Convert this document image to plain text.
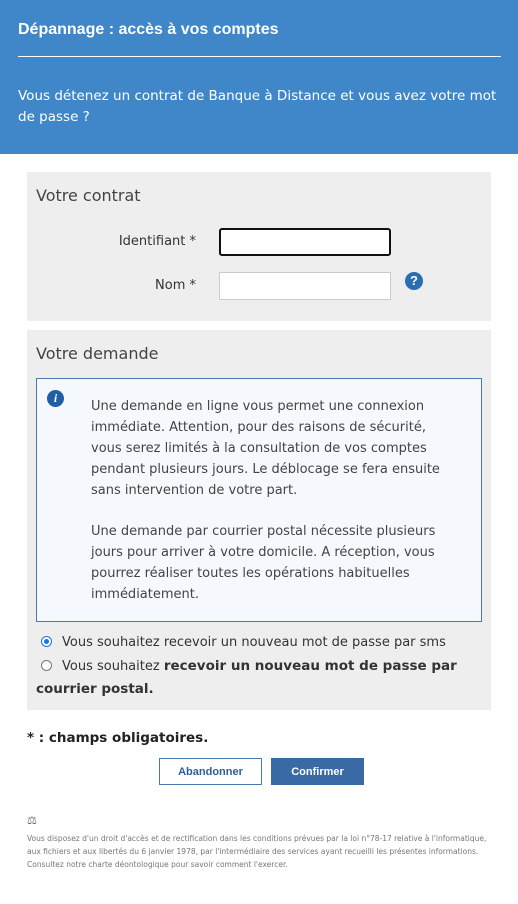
Dépannage : accès à vos comptes

Vous détenez un contrat de Banque à Distance et vous avez votre mot de passe ?

Votre contrat
Identifiant *
Nom *	?
Votre demande
i

Une demande en ligne vous permet une connexion immédiate. Attention, pour des raisons de sécurité, vous serez limités à la consultation de vos comptes pendant plusieurs jours. Le déblocage se fera ensuite sans intervention de votre part.

Une demande par courrier postal nécessite plusieurs jours pour arriver à votre domicile. A réception, vous pourrez réaliser toutes les opérations habituelles immédiatement.

Vous souhaitez recevoir un nouveau mot de passe par sms
Vous souhaitez recevoir un nouveau mot de passe par courrier postal.
* : champs obligatoires.
Abandonner	Confirmer
⚖

Vous disposez d'un droit d'accès et de rectification dans les conditions prévues par la loi n°78-17 relative à l'informatique, aux fichiers et aux libertés du 6 janvier 1978, par l'intermédiaire des services ayant recueilli les présentes informations. Consultez notre charte déontologique pour savoir comment l'exercer.
